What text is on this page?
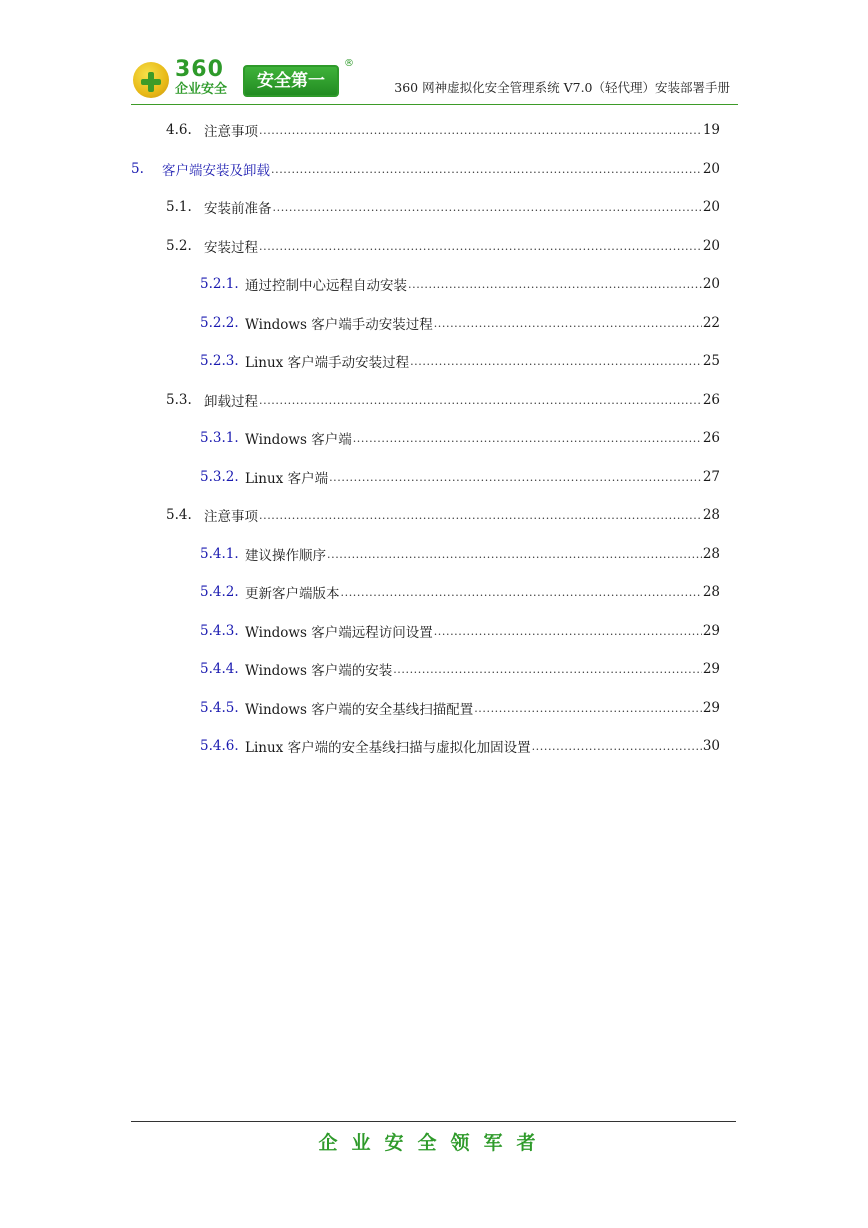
360
企业安全	安全第一
®
360 网神虚拟化安全管理系统 V7.0（轻代理）安装部署手册
4.6. 注意事项 .....	19
5.	客户端安装及卸载 .....	20
5.1. 安装前准备 .....	20
5.2. 安装过程 .....	20
5.2.1. 通过控制中心远程自动安装 .....	20
5.2.2. Windows 客户端手动安装过程 .....	22
5.2.3. Linux 客户端手动安装过程 .....	25
5.3. 卸载过程 .....	26
5.3.1. Windows 客户端 .....	26
5.3.2. Linux 客户端 .....	27
5.4. 注意事项 .....	28
5.4.1. 建议操作顺序 .....	28
5.4.2. 更新客户端版本 .....	28
5.4.3. Windows 客户端远程访问设置 .....	29
5.4.4. Windows 客户端的安装 .....	29
5.4.5. Windows 客户端的安全基线扫描配置 .....	29
5.4.6. Linux 客户端的安全基线扫描与虚拟化加固设置 .....	30
企业安全领军者
